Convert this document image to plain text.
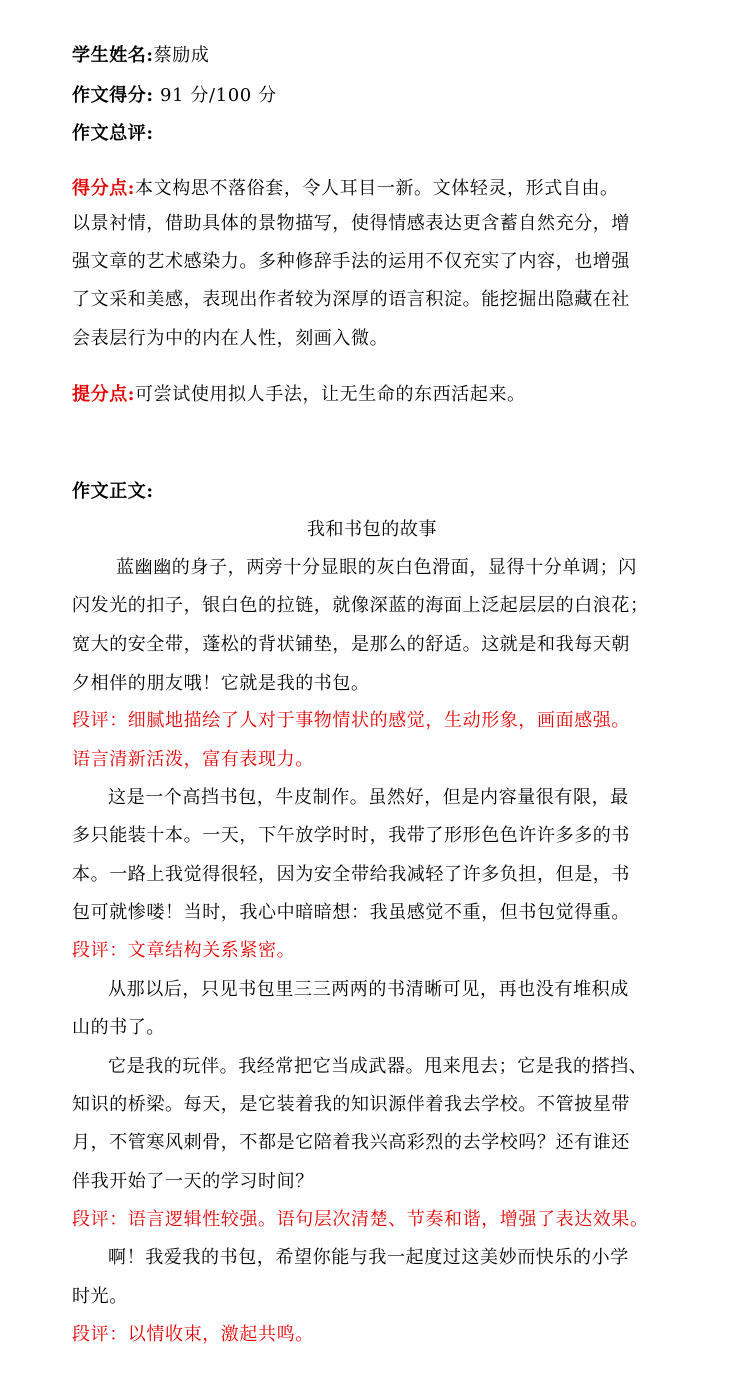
学生姓名:蔡励成
作文得分: 91 分/100 分
作文总评:
得分点:本文构思不落俗套，令人耳目一新。文体轻灵，形式自由。
以景衬情，借助具体的景物描写，使得情感表达更含蓄自然充分，增
强文章的艺术感染力。多种修辞手法的运用不仅充实了内容，也增强
了文采和美感，表现出作者较为深厚的语言积淀。能挖掘出隐藏在社
会表层行为中的内在人性，刻画入微。
提分点:可尝试使用拟人手法，让无生命的东西活起来。
作文正文:
我和书包的故事
蓝幽幽的身子，两旁十分显眼的灰白色滑面，显得十分单调；闪
闪发光的扣子，银白色的拉链，就像深蓝的海面上泛起层层的白浪花；
宽大的安全带，蓬松的背状铺垫，是那么的舒适。这就是和我每天朝
夕相伴的朋友哦！它就是我的书包。
段评：细腻地描绘了人对于事物情状的感觉，生动形象，画面感强。
语言清新活泼，富有表现力。
这是一个高挡书包，牛皮制作。虽然好，但是内容量很有限，最
多只能装十本。一天，下午放学时时，我带了形形色色许许多多的书
本。一路上我觉得很轻，因为安全带给我减轻了许多负担，但是，书
包可就惨喽！当时，我心中暗暗想：我虽感觉不重，但书包觉得重。
段评：文章结构关系紧密。
从那以后，只见书包里三三两两的书清晰可见，再也没有堆积成
山的书了。
它是我的玩伴。我经常把它当成武器。甩来甩去；它是我的搭挡、
知识的桥梁。每天，是它装着我的知识源伴着我去学校。不管披星带
月，不管寒风刺骨，不都是它陪着我兴高彩烈的去学校吗？还有谁还
伴我开始了一天的学习时间？
段评：语言逻辑性较强。语句层次清楚、节奏和谐，增强了表达效果。
啊！我爱我的书包，希望你能与我一起度过这美妙而快乐的小学
时光。
段评：以情收束，激起共鸣。
